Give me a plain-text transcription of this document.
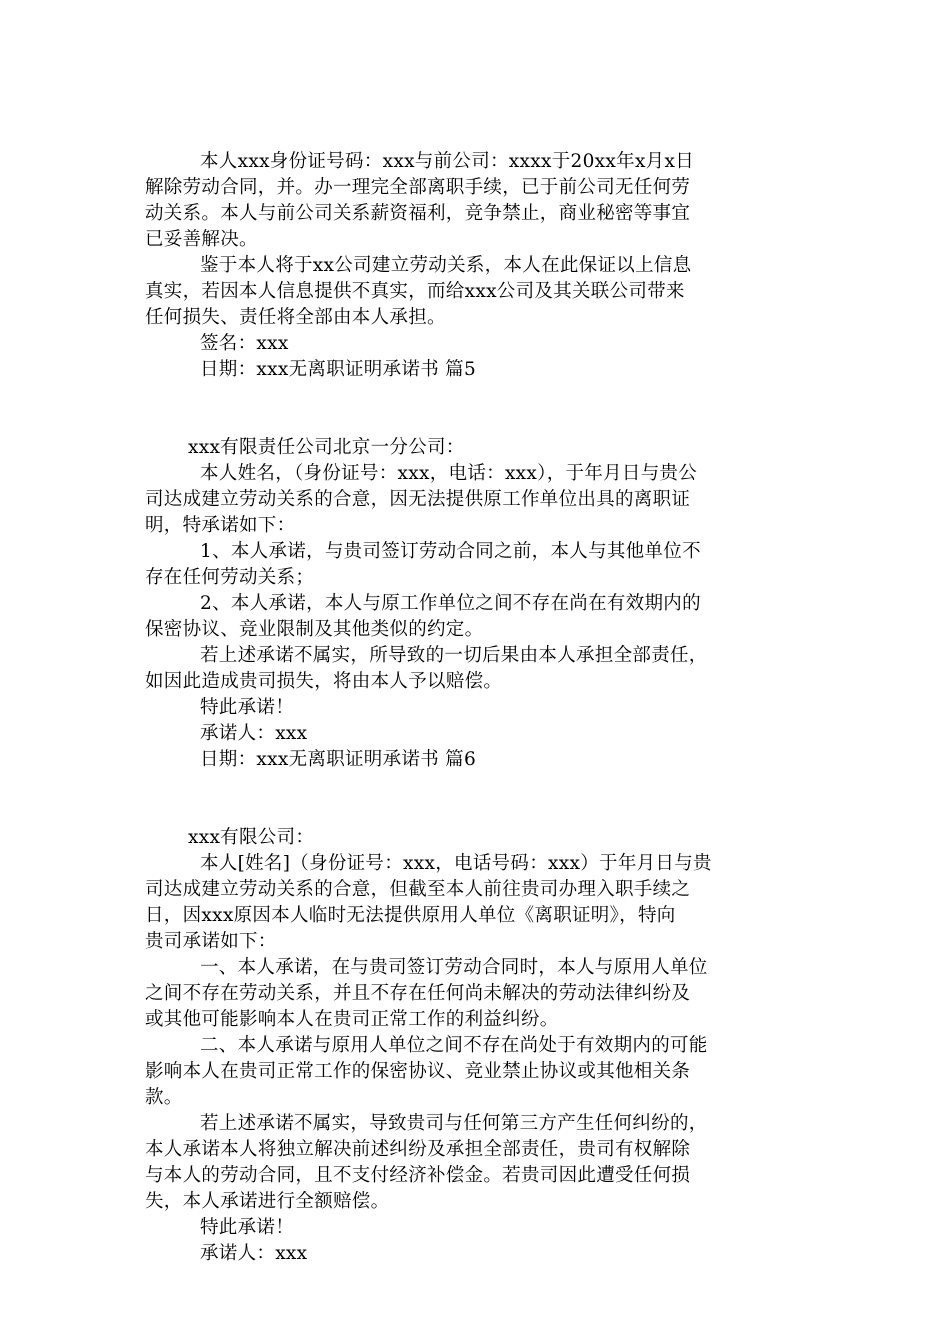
本人xxx身份证号码：xxx与前公司：xxxx于20xx年x月x日
解除劳动合同，并。办一理完全部离职手续，已于前公司无任何劳
动关系。本人与前公司关系薪资福利，竞争禁止，商业秘密等事宜
已妥善解决。
鉴于本人将于xx公司建立劳动关系，本人在此保证以上信息
真实，若因本人信息提供不真实，而给xxx公司及其关联公司带来
任何损失、责任将全部由本人承担。
签名：xxx
日期：xxx无离职证明承诺书 篇5
xxx有限责任公司北京一分公司：
本人姓名，（身份证号：xxx，电话：xxx），于年月日与贵公
司达成建立劳动关系的合意，因无法提供原工作单位出具的离职证
明，特承诺如下：
1、本人承诺，与贵司签订劳动合同之前，本人与其他单位不
存在任何劳动关系；
2、本人承诺，本人与原工作单位之间不存在尚在有效期内的
保密协议、竞业限制及其他类似的约定。
若上述承诺不属实，所导致的一切后果由本人承担全部责任，
如因此造成贵司损失，将由本人予以赔偿。
特此承诺！
承诺人：xxx
日期：xxx无离职证明承诺书 篇6
xxx有限公司：
本人[姓名]（身份证号：xxx，电话号码：xxx）于年月日与贵
司达成建立劳动关系的合意，但截至本人前往贵司办理入职手续之
日，因xxx原因本人临时无法提供原用人单位《离职证明》，特向
贵司承诺如下：
一、本人承诺，在与贵司签订劳动合同时，本人与原用人单位
之间不存在劳动关系，并且不存在任何尚未解决的劳动法律纠纷及
或其他可能影响本人在贵司正常工作的利益纠纷。
二、本人承诺与原用人单位之间不存在尚处于有效期内的可能
影响本人在贵司正常工作的保密协议、竞业禁止协议或其他相关条
款。
若上述承诺不属实，导致贵司与任何第三方产生任何纠纷的，
本人承诺本人将独立解决前述纠纷及承担全部责任，贵司有权解除
与本人的劳动合同，且不支付经济补偿金。若贵司因此遭受任何损
失，本人承诺进行全额赔偿。
特此承诺！
承诺人：xxx
